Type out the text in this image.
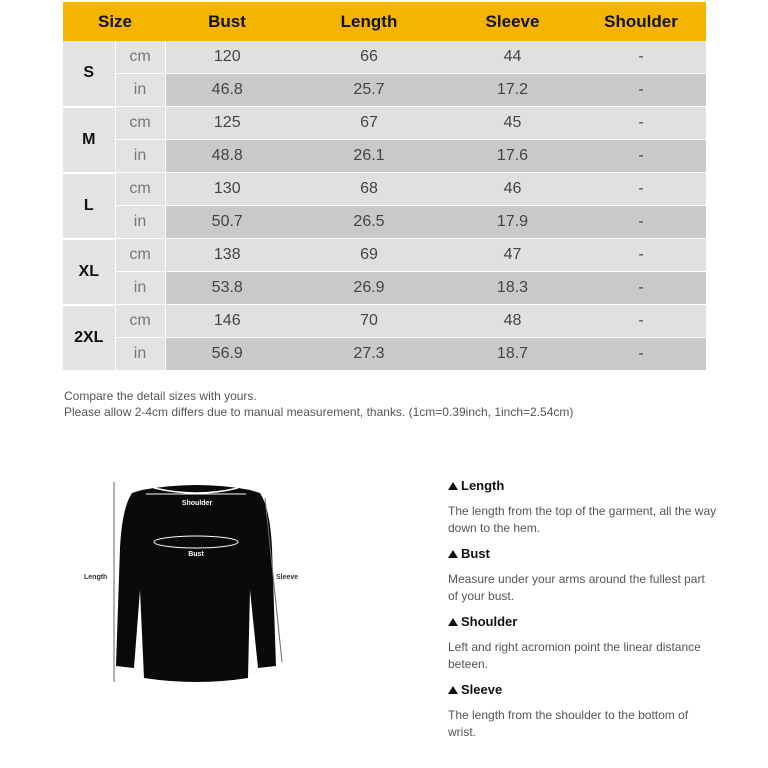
Size		Bust	Length	Sleeve	Shoulder
S	cm	120	66	44	-
	in	46.8	25.7	17.2	-
M	cm	125	67	45	-
	in	48.8	26.1	17.6	-
L	cm	130	68	46	-
	in	50.7	26.5	17.9	-
XL	cm	138	69	47	-
	in	53.8	26.9	18.3	-
2XL	cm	146	70	48	-
	in	56.9	27.3	18.7	-

Compare the detail sizes with yours.

Please allow 2-4cm differs due to manual measurement, thanks. (1cm=0.39inch, 1inch=2.54cm)

Shoulder
Bust
Length	Sleeve
Length

The length from the top of the garment, all the way down to the hem.

Bust

Measure under your arms around the fullest part of your bust.

Shoulder

Left and right acromion point the linear distance beteen.

Sleeve

The length from the shoulder to the bottom of wrist.
